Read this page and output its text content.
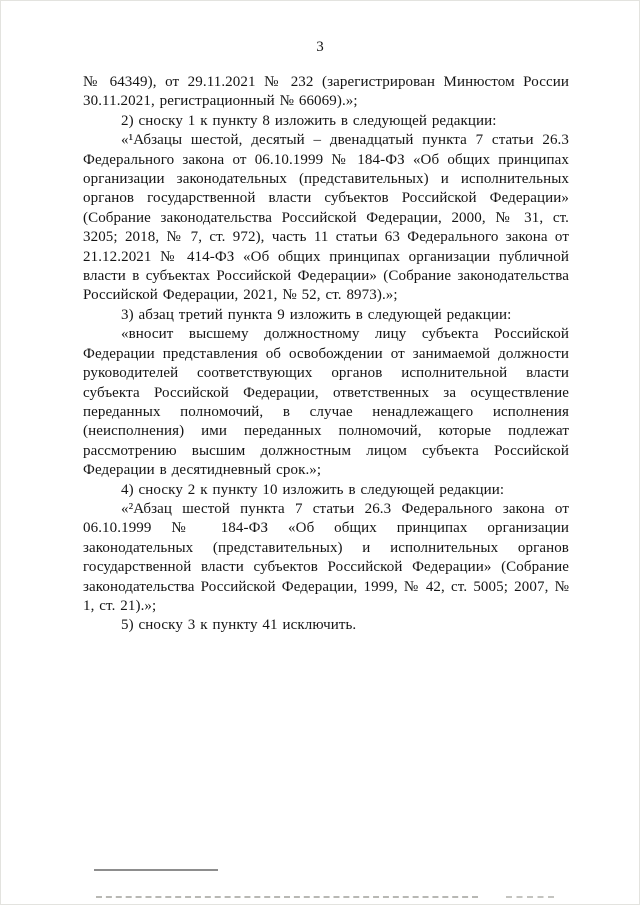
3

№ 64349), от 29.11.2021 № 232 (зарегистрирован Минюстом России 30.11.2021, регистрационный № 66069).»;

2) сноску 1 к пункту 8 изложить в следующей редакции:

«¹Абзацы шестой, десятый – двенадцатый пункта 7 статьи 26.3 Федерального закона от 06.10.1999 № 184-ФЗ «Об общих принципах организации законодательных (представительных) и исполнительных органов государственной власти субъектов Российской Федерации» (Собрание законодательства Российской Федерации, 2000, № 31, ст. 3205; 2018, № 7, ст. 972), часть 11 статьи 63 Федерального закона от 21.12.2021 № 414-ФЗ «Об общих принципах организации публичной власти в субъектах Российской Федерации» (Собрание законодательства Российской Федерации, 2021, № 52, ст. 8973).»;

3) абзац третий пункта 9 изложить в следующей редакции:

«вносит высшему должностному лицу субъекта Российской Федерации представления об освобождении от занимаемой должности руководителей соответствующих органов исполнительной власти субъекта Российской Федерации, ответственных за осуществление переданных полномочий, в случае ненадлежащего исполнения (неисполнения) ими переданных полномочий, которые подлежат рассмотрению высшим должностным лицом субъекта Российской Федерации в десятидневный срок.»;

4) сноску 2 к пункту 10 изложить в следующей редакции:

«²Абзац шестой пункта 7 статьи 26.3 Федерального закона от 06.10.1999 № 184-ФЗ «Об общих принципах организации законодательных (представительных) и исполнительных органов государственной власти субъектов Российской Федерации» (Собрание законодательства Российской Федерации, 1999, № 42, ст. 5005; 2007, № 1, ст. 21).»;

5) сноску 3 к пункту 41 исключить.
